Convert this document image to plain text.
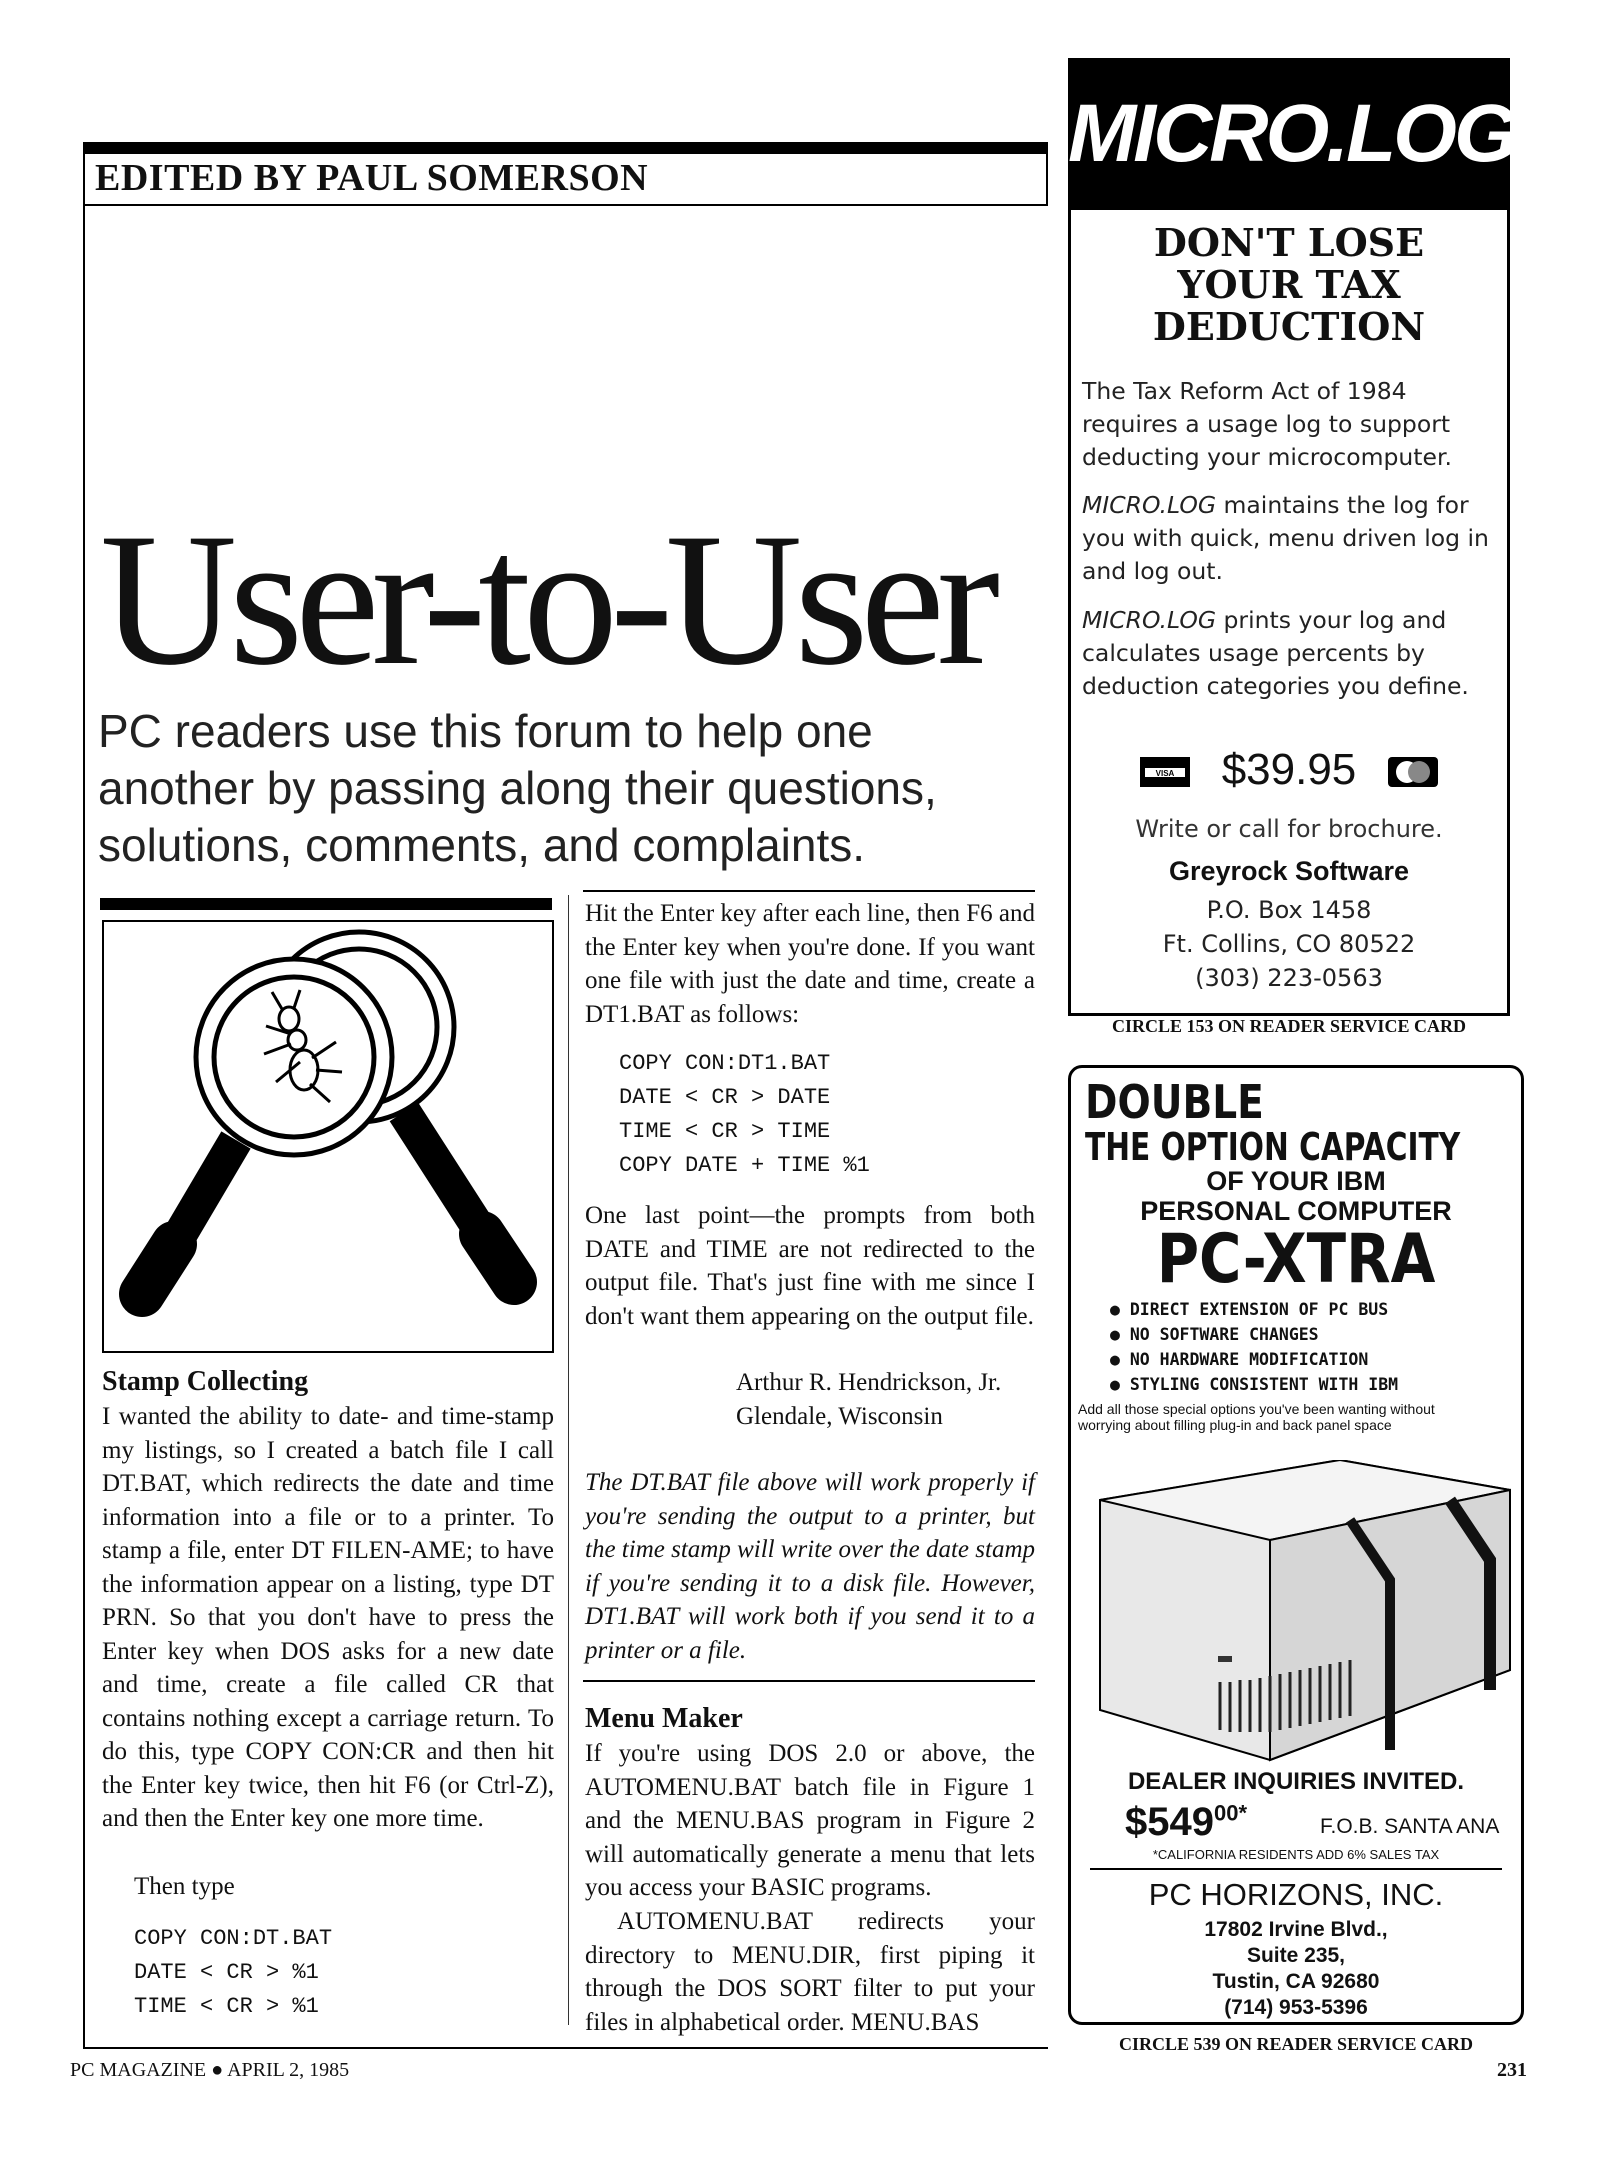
EDITED BY PAUL SOMERSON
User-to-User
PC readers use this forum to help one another by passing along their questions, solutions, comments, and complaints.
Stamp Collecting
I wanted the ability to date- and time-stamp my listings, so I created a batch file I call DT.BAT, which redirects the date and time information into a file or to a printer. To stamp a file, enter DT FILEN-AME; to have the information appear on a listing, type DT PRN. So that you don't have to press the Enter key when DOS asks for a new date and time, create a file called CR that contains nothing except a carriage return. To do this, type COPY CON:CR and then hit the Enter key twice, then hit F6 (or Ctrl-Z), and then the Enter key one more time.
Then type
COPY CON:DT.BAT
DATE < CR > %1
TIME < CR > %1
Hit the Enter key after each line, then F6 and the Enter key when you're done. If you want one file with just the date and time, create a DT1.BAT as follows:
COPY CON:DT1.BAT
DATE < CR > DATE
TIME < CR > TIME
COPY DATE + TIME %1
One last point—the prompts from both DATE and TIME are not redirected to the output file. That's just fine with me since I don't want them appearing on the output file.
Arthur R. Hendrickson, Jr.
Glendale, Wisconsin
The DT.BAT file above will work properly if you're sending the output to a printer, but the time stamp will write over the date stamp if you're sending it to a disk file. However, DT1.BAT will work both if you send it to a printer or a file.
Menu Maker
If you're using DOS 2.0 or above, the AUTOMENU.BAT batch file in Figure 1 and the MENU.BAS program in Figure 2 will automatically generate a menu that lets you access your BASIC programs.
AUTOMENU.BAT redirects your directory to MENU.DIR, first piping it through the DOS SORT filter to put your files in alphabetical order. MENU.BAS
PC MAGAZINE ● APRIL 2, 1985	231
MICRO.LOG
DON'T LOSE
YOUR TAX
DEDUCTION
The Tax Reform Act of 1984 requires a usage log to support deducting your microcomputer.
MICRO.LOG maintains the log for you with quick, menu driven log in and log out.
MICRO.LOG prints your log and calculates usage percents by deduction categories you define.
VISA $39.95
Write or call for brochure.
Greyrock Software
P.O. Box 1458
Ft. Collins, CO 80522
(303) 223-0563
CIRCLE 153 ON READER SERVICE CARD
DOUBLE
THE OPTION CAPACITY
OF YOUR IBM
PERSONAL COMPUTER
PC-XTRA
● DIRECT EXTENSION OF PC BUS
● NO SOFTWARE CHANGES
● NO HARDWARE MODIFICATION
● STYLING CONSISTENT WITH IBM
Add all those special options you've been wanting without worrying about filling plug-in and back panel space
DEALER INQUIRIES INVITED.
$\$549^{00*}$
F.O.B. SANTA ANA
*CALIFORNIA RESIDENTS ADD 6% SALES TAX
PC HORIZONS, INC.
17802 Irvine Blvd.,
Suite 235,
Tustin, CA 92680
(714) 953-5396
CIRCLE 539 ON READER SERVICE CARD
